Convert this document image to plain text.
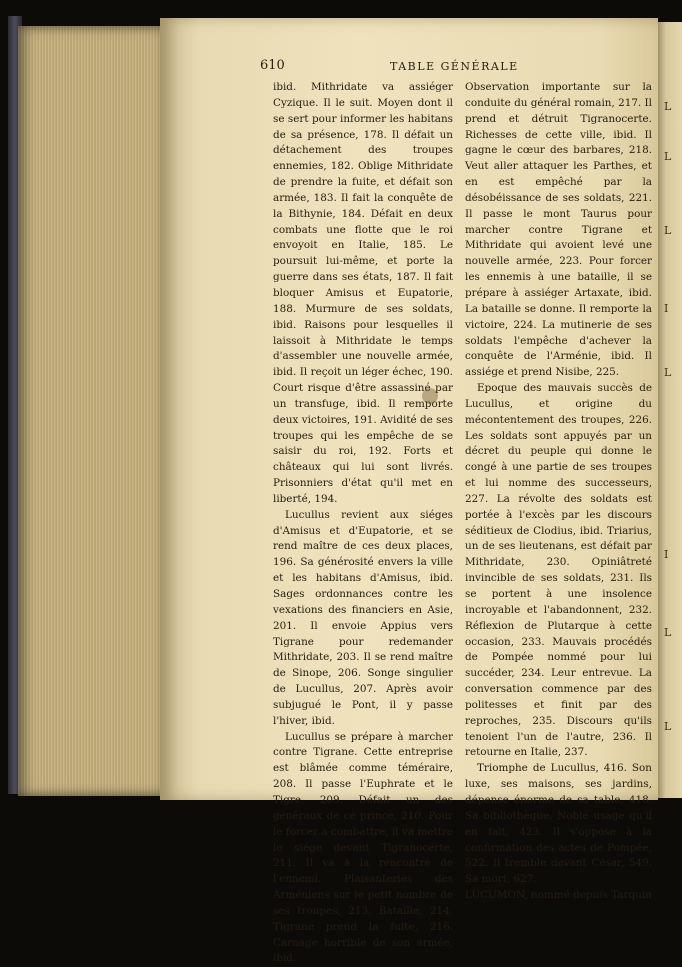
610	TABLE GÉNÉRALE

ibid. Mithridate va assiéger Cyzique. Il le suit. Moyen dont il se sert pour informer les habitans de sa présence, 178. Il défait un détachement des troupes ennemies, 182. Oblige Mithridate de prendre la fuite, et défait son armée, 183. Il fait la conquête de la Bithynie, 184. Défait en deux combats une flotte que le roi envoyoit en Italie, 185. Le poursuit lui-même, et porte la guerre dans ses états, 187. Il fait bloquer Amisus et Eupatorie, 188. Murmure de ses soldats, ibid. Raisons pour lesquelles il laissoit à Mithridate le temps d'assembler une nouvelle armée, ibid. Il reçoit un léger échec, 190. Court risque d'être assassiné par un transfuge, ibid. Il remporte deux victoires, 191. Avidité de ses troupes qui les empêche de se saisir du roi, 192. Forts et châteaux qui lui sont livrés. Prisonniers d'état qu'il met en liberté, 194.

Lucullus revient aux siéges d'Amisus et d'Eupatorie, et se rend maître de ces deux places, 196. Sa générosité envers la ville et les habitans d'Amisus, ibid. Sages ordonnances contre les vexations des financiers en Asie, 201. Il envoie Appius vers Tigrane pour redemander Mithridate, 203. Il se rend maître de Sinope, 206. Songe singulier de Lucullus, 207. Après avoir subjugué le Pont, il y passe l'hiver, ibid.

Lucullus se prépare à marcher contre Tigrane. Cette entreprise est blâmée comme téméraire, 208. Il passe l'Euphrate et le Tigre, 209. Défait un des généraux de ce prince, 210. Pour le forcer à combattre, il va mettre le siége devant Tigranocerte, 211. Il va à la rencontre de l'ennemi. Plaisanteries des Arméniens sur le petit nombre de ses troupes, 213. Bataille, 214. Tigrane prend la fuite, 216. Carnage horrible de son armée, ibid.

Observation importante sur la conduite du général romain, 217. Il prend et détruit Tigranocerte. Richesses de cette ville, ibid. Il gagne le cœur des barbares, 218. Veut aller attaquer les Parthes, et en est empêché par la désobéissance de ses soldats, 221. Il passe le mont Taurus pour marcher contre Tigrane et Mithridate qui avoient levé une nouvelle armée, 223. Pour forcer les ennemis à une bataille, il se prépare à assiéger Artaxate, ibid. La bataille se donne. Il remporte la victoire, 224. La mutinerie de ses soldats l'empêche d'achever la conquête de l'Arménie, ibid. Il assiége et prend Nisibe, 225.

Epoque des mauvais succès de Lucullus, et origine du mécontentement des troupes, 226. Les soldats sont appuyés par un décret du peuple qui donne le congé à une partie de ses troupes et lui nomme des successeurs, 227. La révolte des soldats est portée à l'excès par les discours séditieux de Clodius, ibid. Triarius, un de ses lieutenans, est défait par Mithridate, 230. Opiniâtreté invincible de ses soldats, 231. Ils se portent à une insolence incroyable et l'abandonnent, 232. Réflexion de Plutarque à cette occasion, 233. Mauvais procédés de Pompée nommé pour lui succéder, 234. Leur entrevue. La conversation commence par des politesses et finit par des reproches, 235. Discours qu'ils tenoient l'un de l'autre, 236. Il retourne en Italie, 237.

Triomphe de Lucullus, 416. Son luxe, ses maisons, ses jardins, dépense énorme de sa table, 418. Sa bibliothèque. Noble usage qu'il en fait, 423. Il s'oppose à la confirmation des actes de Pompée, 522. Il tremble devant César, 549. Sa mort, 627.

LUCUMON, nommé depuis Tarquin

L
L
L
I
L
I
L
L
